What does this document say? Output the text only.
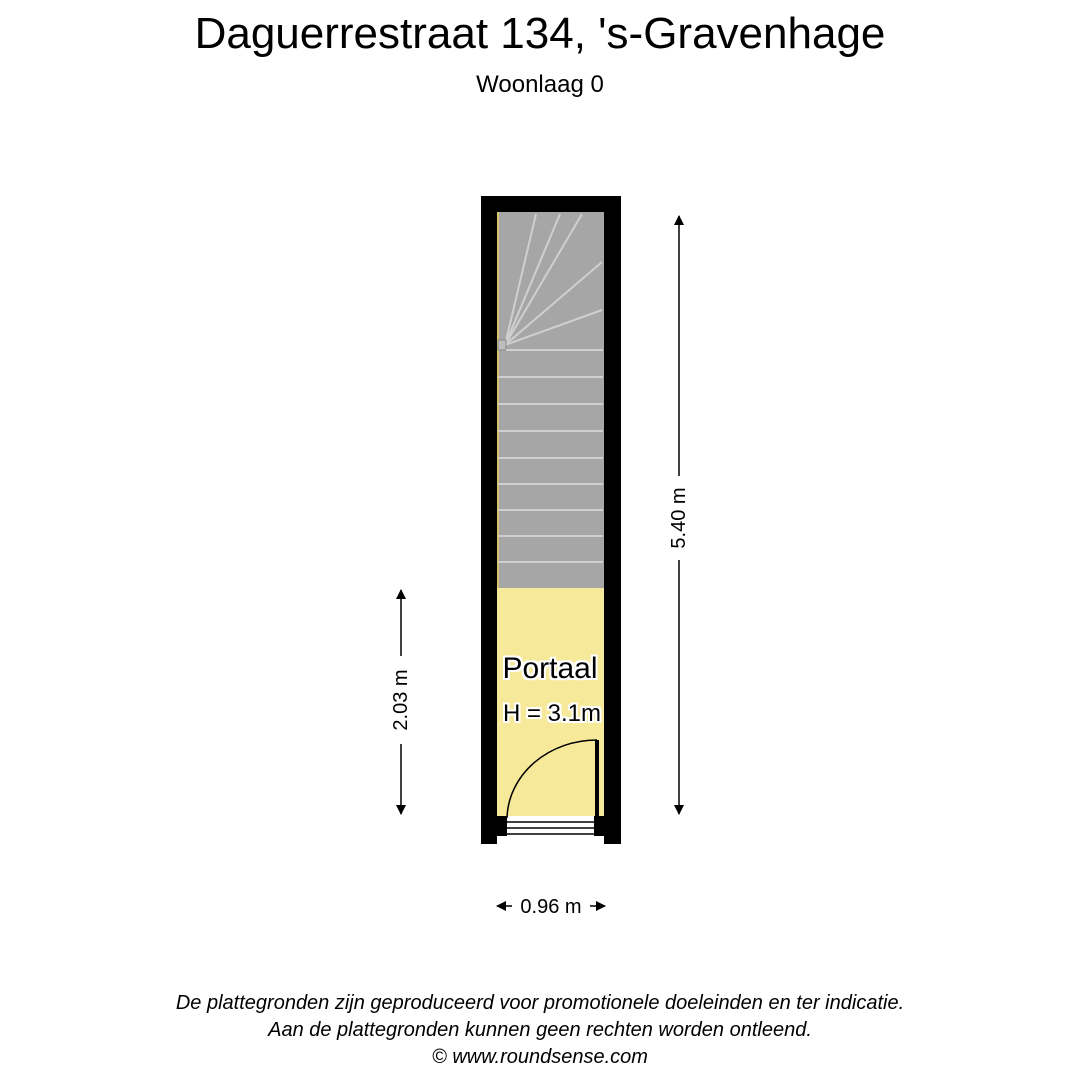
Daguerrestraat 134, 's-Gravenhage
Woonlaag 0
5.40 m
2.03 m
0.96 m
Portaal
H = 3.1m
De plattegronden zijn geproduceerd voor promotionele doeleinden en ter indicatie.
Aan de plattegronden kunnen geen rechten worden ontleend.
© www.roundsense.com
